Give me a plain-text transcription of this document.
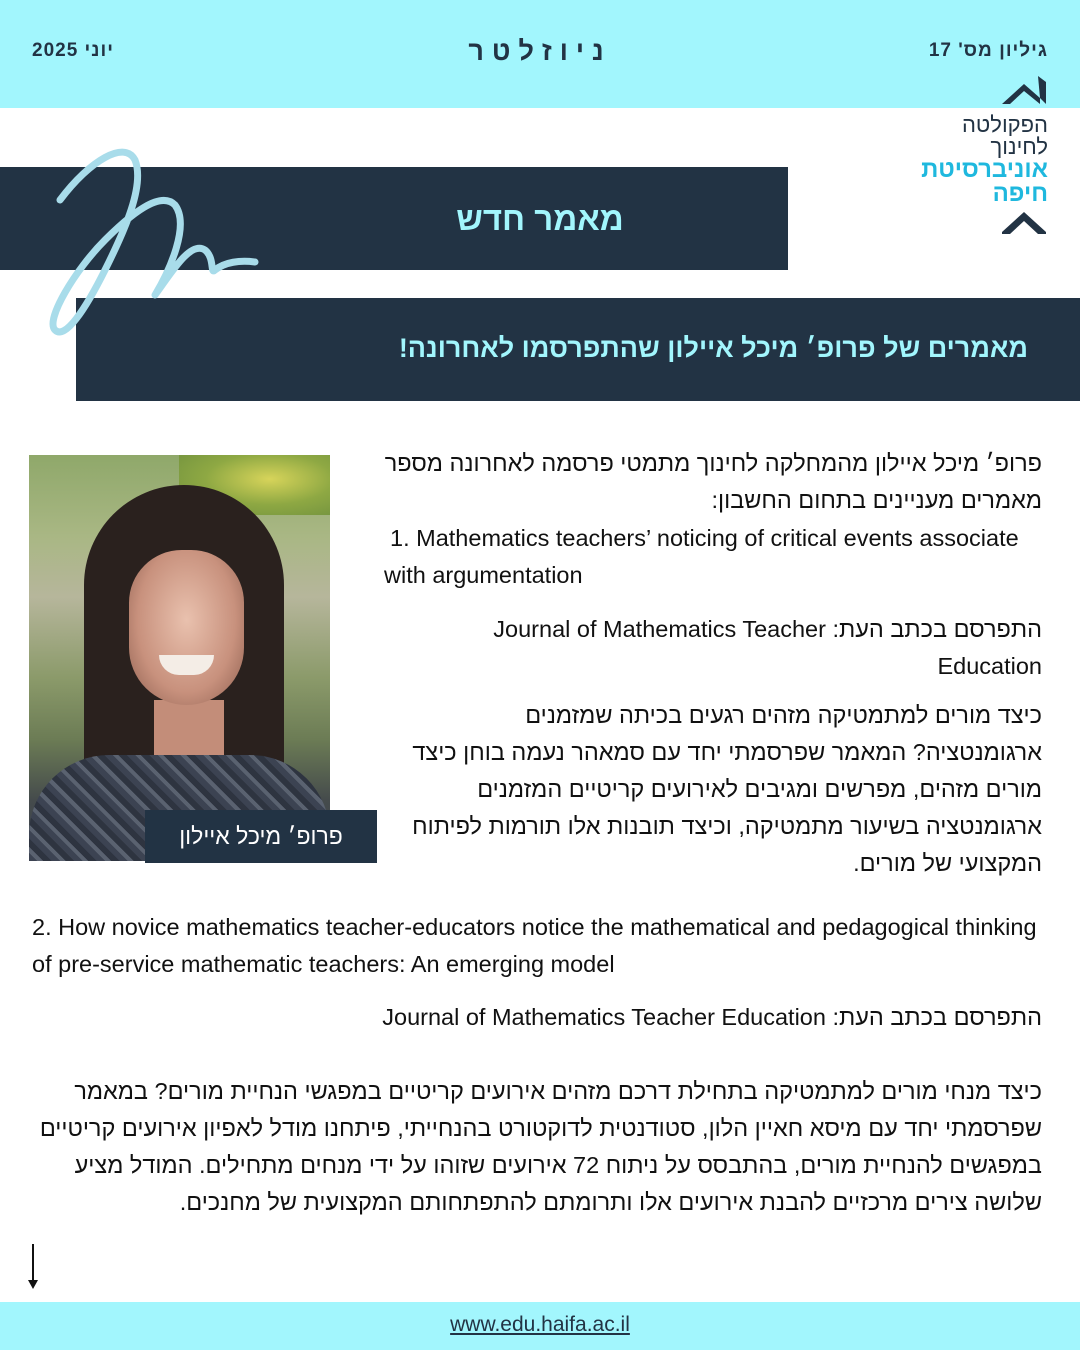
גיליון מס' 17
ניוזלטר
יוני 2025
הפקולטה
לחינוך
אוניברסיטת
חיפה
מאמר חדש
מאמרים של פרופ׳ מיכל איילון שהתפרסמו לאחרונה!
פרופ׳ מיכל איילון
פרופ׳ מיכל איילון מהמחלקה לחינוך מתמטי פרסמה לאחרונה מספר מאמרים מעניינים בתחום החשבון:
1. Mathematics teachers’ noticing of critical events associate with argumentation
התפרסם בכתב העת: Journal of Mathematics Teacher Education
כיצד מורים למתמטיקה מזהים רגעים בכיתה שמזמנים ארגומנטציה? המאמר שפרסמתי יחד עם סמאהר נעמה בוחן כיצד מורים מזהים, מפרשים ומגיבים לאירועים קריטיים המזמנים ארגומנטציה בשיעור מתמטיקה, וכיצד תובנות אלו תורמות לפיתוח המקצועי של מורים.
2. How novice mathematics teacher-educators notice the mathematical and pedagogical thinking of pre-service mathematic teachers: An emerging model
התפרסם בכתב העת: Journal of Mathematics Teacher Education
כיצד מנחי מורים למתמטיקה בתחילת דרכם מזהים אירועים קריטיים במפגשי הנחיית מורים? במאמר שפרסמתי יחד עם מיסא חאיין הלון, סטודנטית לדוקטורט בהנחייתי, פיתחנו מודל לאפיון אירועים קריטיים במפגשים להנחיית מורים, בהתבסס על ניתוח 72 אירועים שזוהו על ידי מנחים מתחילים. המודל מציע שלושה צירים מרכזיים להבנת אירועים אלו ותרומתם להתפתחותם המקצועית של מחנכים.
www.edu.haifa.ac.il
